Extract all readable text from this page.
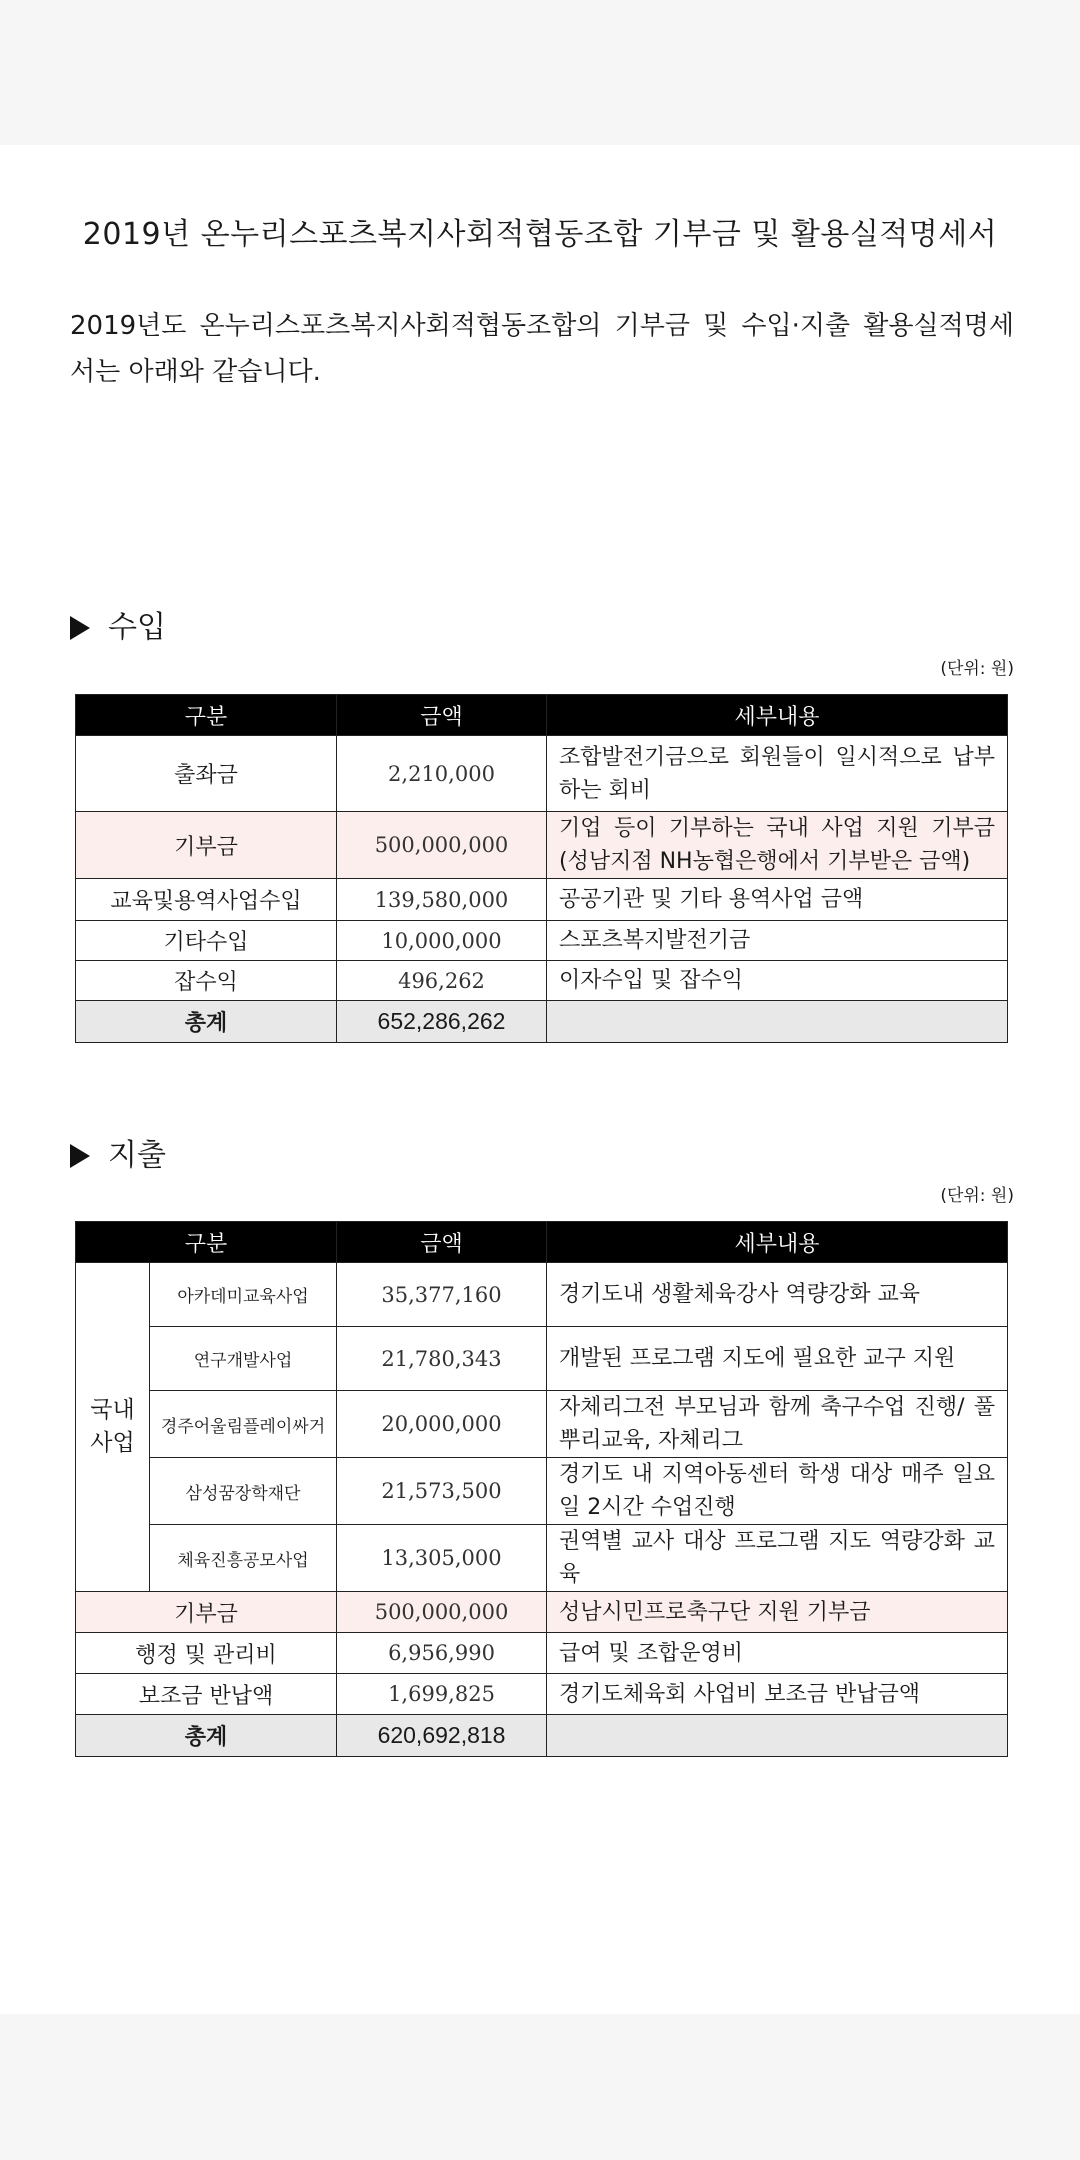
2019년 온누리스포츠복지사회적협동조합 기부금 및 활용실적명세서

2019년도 온누리스포츠복지사회적협동조합의 기부금 및 수입·지출 활용실적명세서는 아래와 같습니다.

수입
(단위: 원)
구분	금액	세부내용
출좌금	2,210,000	조합발전기금으로 회원들이 일시적으로 납부하는 회비
기부금	500,000,000	기업 등이 기부하는 국내 사업 지원 기부금 (성남지점 NH농협은행에서 기부받은 금액)
교육및용역사업수입	139,580,000	공공기관 및 기타 용역사업 금액
기타수입	10,000,000	스포츠복지발전기금
잡수익	496,262	이자수입 및 잡수익
총계	652,286,262	
지출
(단위: 원)
구분		금액	세부내용
국내
사업	아카데미교육사업	35,377,160	경기도내 생활체육강사 역량강화 교육
	연구개발사업	21,780,343	개발된 프로그램 지도에 필요한 교구 지원
	경주어울림플레이싸거	20,000,000	자체리그전 부모님과 함께 축구수업 진행/ 풀뿌리교육, 자체리그
	삼성꿈장학재단	21,573,500	경기도 내 지역아동센터 학생 대상 매주 일요일 2시간 수업진행
	체육진흥공모사업	13,305,000	권역별 교사 대상 프로그램 지도 역량강화 교육
기부금		500,000,000	성남시민프로축구단 지원 기부금
행정 및 관리비		6,956,990	급여 및 조합운영비
보조금 반납액		1,699,825	경기도체육회 사업비 보조금 반납금액
총계		620,692,818	
